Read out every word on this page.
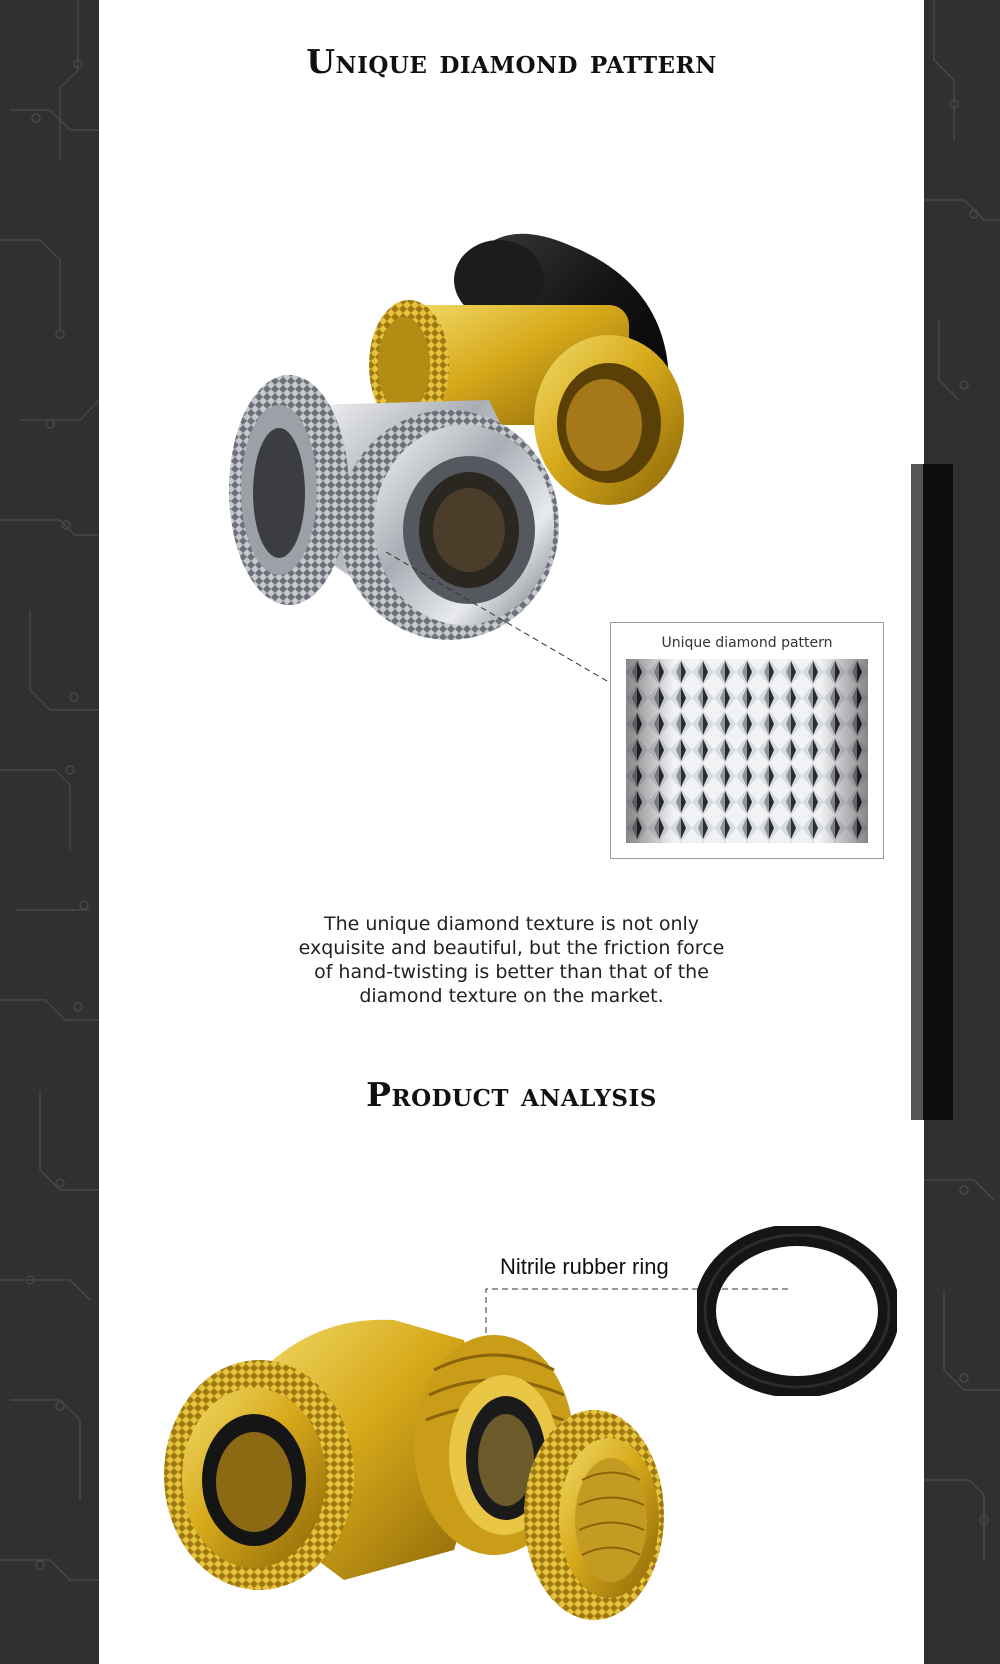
Unique diamond pattern
Unique diamond pattern
The unique diamond texture is not only exquisite and beautiful, but the friction force of hand-twisting is better than that of the diamond texture on the market.
Product analysis
Nitrile rubber ring
